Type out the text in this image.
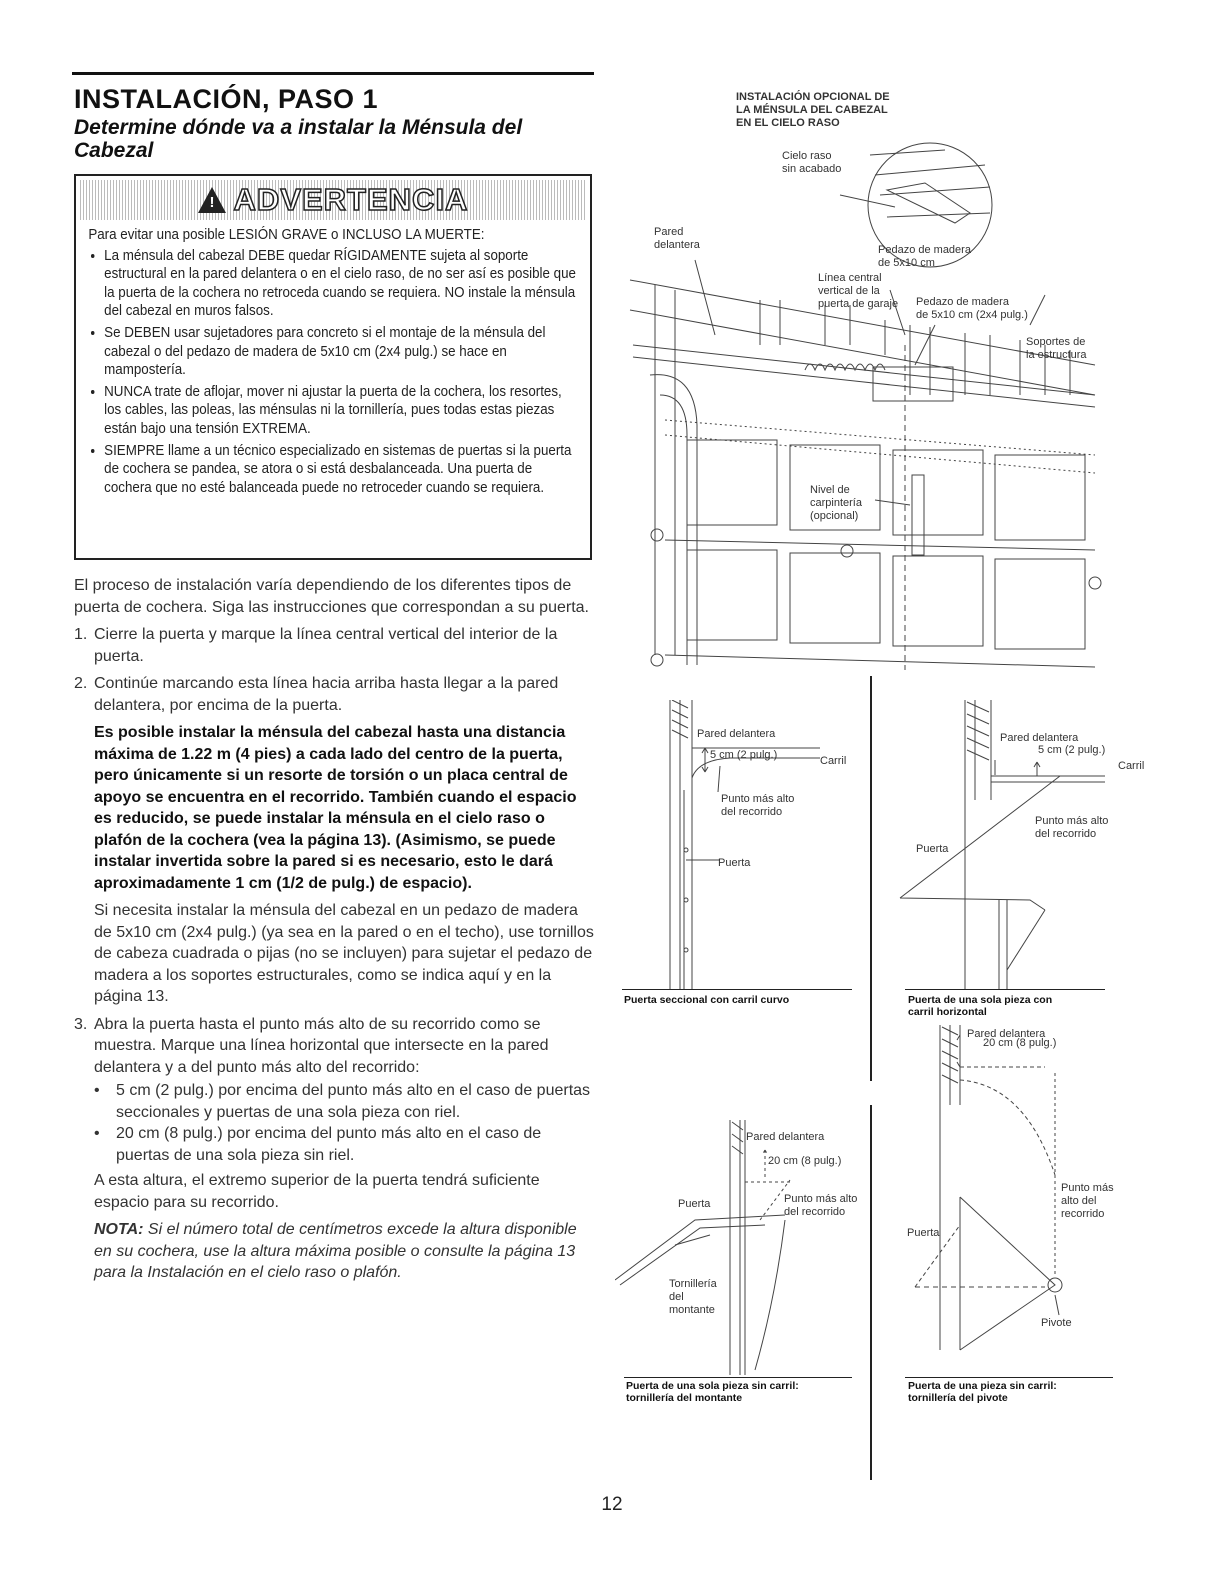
INSTALACIÓN, PASO 1
Determine dónde va a instalar la Ménsula del Cabezal
! ADVERTENCIA
Para evitar una posible LESIÓN GRAVE o INCLUSO LA MUERTE:
• La ménsula del cabezal DEBE quedar RÍGIDAMENTE sujeta al soporte estructural en la pared delantera o en el cielo raso, de no ser así es posible que la puerta de la cochera no retroceda cuando se requiera. NO instale la ménsula del cabezal en muros falsos.
• Se DEBEN usar sujetadores para concreto si el montaje de la ménsula del cabezal o del pedazo de madera de 5x10 cm (2x4 pulg.) se hace en mampostería.
• NUNCA trate de aflojar, mover ni ajustar la puerta de la cochera, los resortes, los cables, las poleas, las ménsulas ni la tornillería, pues todas estas piezas están bajo una tensión EXTREMA.
• SIEMPRE llame a un técnico especializado en sistemas de puertas si la puerta de cochera se pandea, se atora o si está desbalanceada. Una puerta de cochera que no esté balanceada puede no retroceder cuando se requiera.

El proceso de instalación varía dependiendo de los diferentes tipos de puerta de cochera. Siga las instrucciones que correspondan a su puerta.

1. Cierre la puerta y marque la línea central vertical del interior de la puerta.
2. Continúe marcando esta línea hacia arriba hasta llegar a la pared delantera, por encima de la puerta.

Es posible instalar la ménsula del cabezal hasta una distancia máxima de 1.22 m (4 pies) a cada lado del centro de la puerta, pero únicamente si un resorte de torsión o un placa central de apoyo se encuentra en el recorrido. También cuando el espacio es reducido, se puede instalar la ménsula en el cielo raso o plafón de la cochera (vea la página 13). (Asimismo, se puede instalar invertida sobre la pared si es necesario, esto le dará aproximadamente 1 cm (1/2 de pulg.) de espacio).

Si necesita instalar la ménsula del cabezal en un pedazo de madera de 5x10 cm (2x4 pulg.) (ya sea en la pared o en el techo), use tornillos de cabeza cuadrada o pijas (no se incluyen) para sujetar el pedazo de madera a los soportes estructurales, como se indica aquí y en la página 13.

3. Abra la puerta hasta el punto más alto de su recorrido como se muestra. Marque una línea horizontal que intersecte en la pared delantera y a del punto más alto del recorrido:

•	5 cm (2 pulg.) por encima del punto más alto en el caso de puertas seccionales y puertas de una sola pieza con riel.
•	20 cm (8 pulg.) por encima del punto más alto en el caso de puertas de una sola pieza sin riel.

A esta altura, el extremo superior de la puerta tendrá suficiente espacio para su recorrido.

NOTA: Si el número total de centímetros excede la altura disponible en su cochera, use la altura máxima posible o consulte la página 13 para la Instalación en el cielo raso o plafón.

INSTALACIÓN OPCIONAL DE
LA MÉNSULA DEL CABEZAL
EN EL CIELO RASO
Cielo raso
sin acabado
Pared
delantera	Pedazo de madera
de 5x10 cm
Línea central
vertical de la
puerta de garaje Pedazo de madera
de 5x10 cm (2x4 pulg.)
Soportes de
la estructura
Nivel de
carpintería
(opcional)
Pared delantera
5 cm (2 pulg.)	Carril
Punto más alto
del recorrido
Puerta
Puerta seccional con carril curvo
Pared delantera
5 cm (2 pulg.)
Carril
Punto más alto
del recorrido
Puerta
Puerta de una sola pieza con
carril horizontal
Pared delantera
20 cm (8 pulg.)
Puerta	Punto más alto
del recorrido
Tornillería
del
montante
Puerta de una sola pieza sin carril:
tornillería del montante
Pared delantera
20 cm (8 pulg.)
Punto más
alto del
recorrido
Puerta
Pivote
Puerta de una pieza sin carril:
tornillería del pivote
12
